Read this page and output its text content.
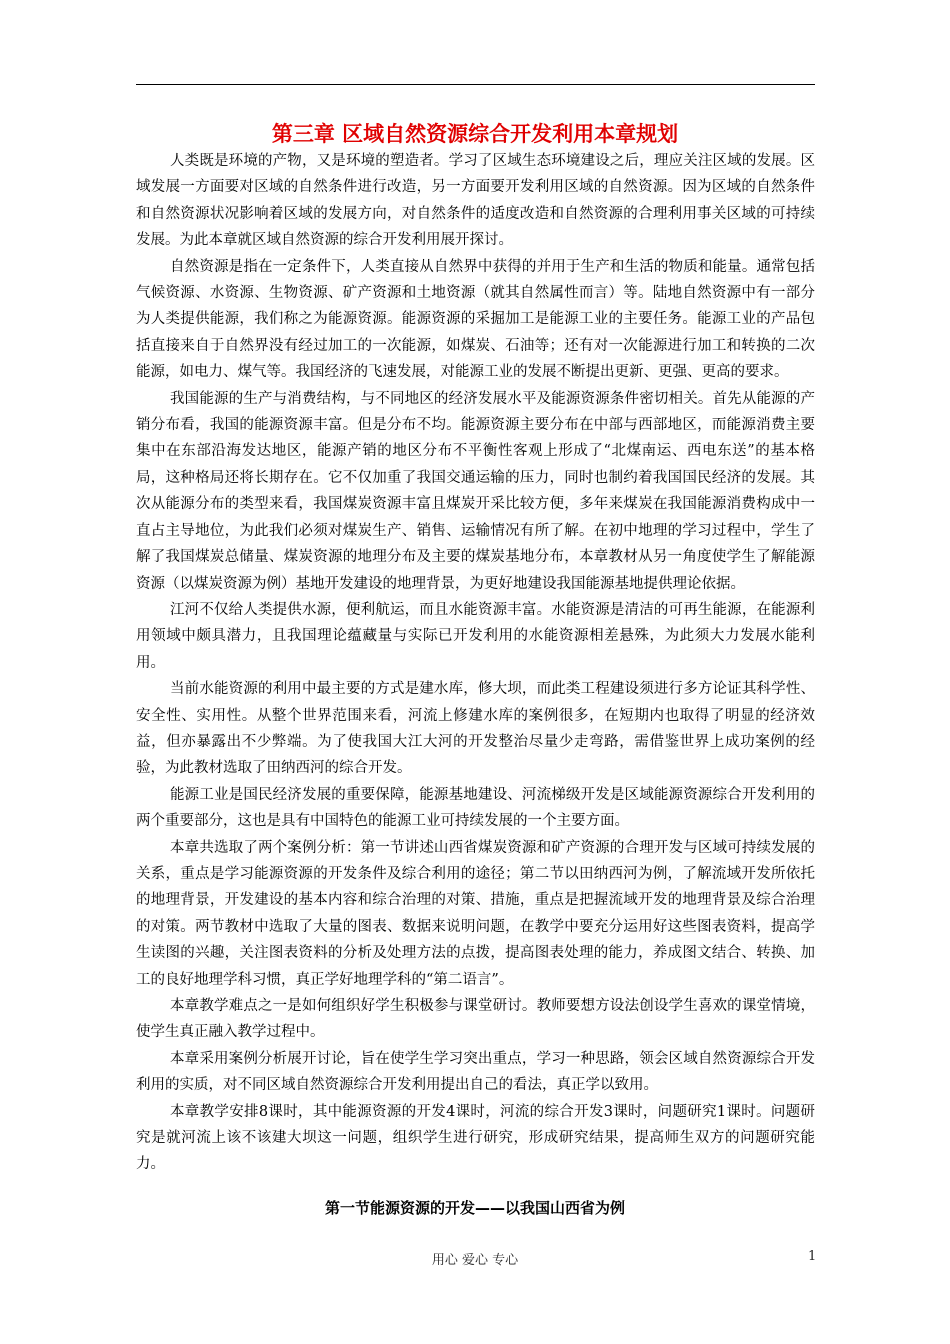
第三章 区域自然资源综合开发利用本章规划

人类既是环境的产物，又是环境的塑造者。学习了区域生态环境建设之后，理应关注区域的发展。区域发展一方面要对区域的自然条件进行改造，另一方面要开发利用区域的自然资源。因为区域的自然条件和自然资源状况影响着区域的发展方向，对自然条件的适度改造和自然资源的合理利用事关区域的可持续发展。为此本章就区域自然资源的综合开发利用展开探讨。

自然资源是指在一定条件下，人类直接从自然界中获得的并用于生产和生活的物质和能量。通常包括气候资源、水资源、生物资源、矿产资源和土地资源（就其自然属性而言）等。陆地自然资源中有一部分为人类提供能源，我们称之为能源资源。能源资源的采掘加工是能源工业的主要任务。能源工业的产品包括直接来自于自然界没有经过加工的一次能源，如煤炭、石油等；还有对一次能源进行加工和转换的二次能源，如电力、煤气等。我国经济的飞速发展，对能源工业的发展不断提出更新、更强、更高的要求。

我国能源的生产与消费结构，与不同地区的经济发展水平及能源资源条件密切相关。首先从能源的产销分布看，我国的能源资源丰富。但是分布不均。能源资源主要分布在中部与西部地区，而能源消费主要集中在东部沿海发达地区，能源产销的地区分布不平衡性客观上形成了“北煤南运、西电东送”的基本格局，这种格局还将长期存在。它不仅加重了我国交通运输的压力，同时也制约着我国国民经济的发展。其次从能源分布的类型来看，我国煤炭资源丰富且煤炭开采比较方便，多年来煤炭在我国能源消费构成中一直占主导地位，为此我们必须对煤炭生产、销售、运输情况有所了解。在初中地理的学习过程中，学生了解了我国煤炭总储量、煤炭资源的地理分布及主要的煤炭基地分布，本章教材从另一角度使学生了解能源资源（以煤炭资源为例）基地开发建设的地理背景，为更好地建设我国能源基地提供理论依据。

江河不仅给人类提供水源，便利航运，而且水能资源丰富。水能资源是清洁的可再生能源，在能源利用领域中颇具潜力，且我国理论蕴藏量与实际已开发利用的水能资源相差悬殊，为此须大力发展水能利用。

当前水能资源的利用中最主要的方式是建水库，修大坝，而此类工程建设须进行多方论证其科学性、安全性、实用性。从整个世界范围来看，河流上修建水库的案例很多，在短期内也取得了明显的经济效益，但亦暴露出不少弊端。为了使我国大江大河的开发整治尽量少走弯路，需借鉴世界上成功案例的经验，为此教材选取了田纳西河的综合开发。

能源工业是国民经济发展的重要保障，能源基地建设、河流梯级开发是区域能源资源综合开发利用的两个重要部分，这也是具有中国特色的能源工业可持续发展的一个主要方面。

本章共选取了两个案例分析：第一节讲述山西省煤炭资源和矿产资源的合理开发与区域可持续发展的关系，重点是学习能源资源的开发条件及综合利用的途径；第二节以田纳西河为例，了解流域开发所依托的地理背景，开发建设的基本内容和综合治理的对策、措施，重点是把握流域开发的地理背景及综合治理的对策。两节教材中选取了大量的图表、数据来说明问题，在教学中要充分运用好这些图表资料，提高学生读图的兴趣，关注图表资料的分析及处理方法的点拨，提高图表处理的能力，养成图文结合、转换、加工的良好地理学科习惯，真正学好地理学科的“第二语言”。

本章教学难点之一是如何组织好学生积极参与课堂研讨。教师要想方设法创设学生喜欢的课堂情境，使学生真正融入教学过程中。

本章采用案例分析展开讨论，旨在使学生学习突出重点，学习一种思路，领会区域自然资源综合开发利用的实质，对不同区域自然资源综合开发利用提出自己的看法，真正学以致用。

本章教学安排8课时，其中能源资源的开发4课时，河流的综合开发3课时，问题研究1课时。问题研究是就河流上该不该建大坝这一问题，组织学生进行研究，形成研究结果，提高师生双方的问题研究能力。

第一节能源资源的开发——以我国山西省为例
用心 爱心 专心	1
